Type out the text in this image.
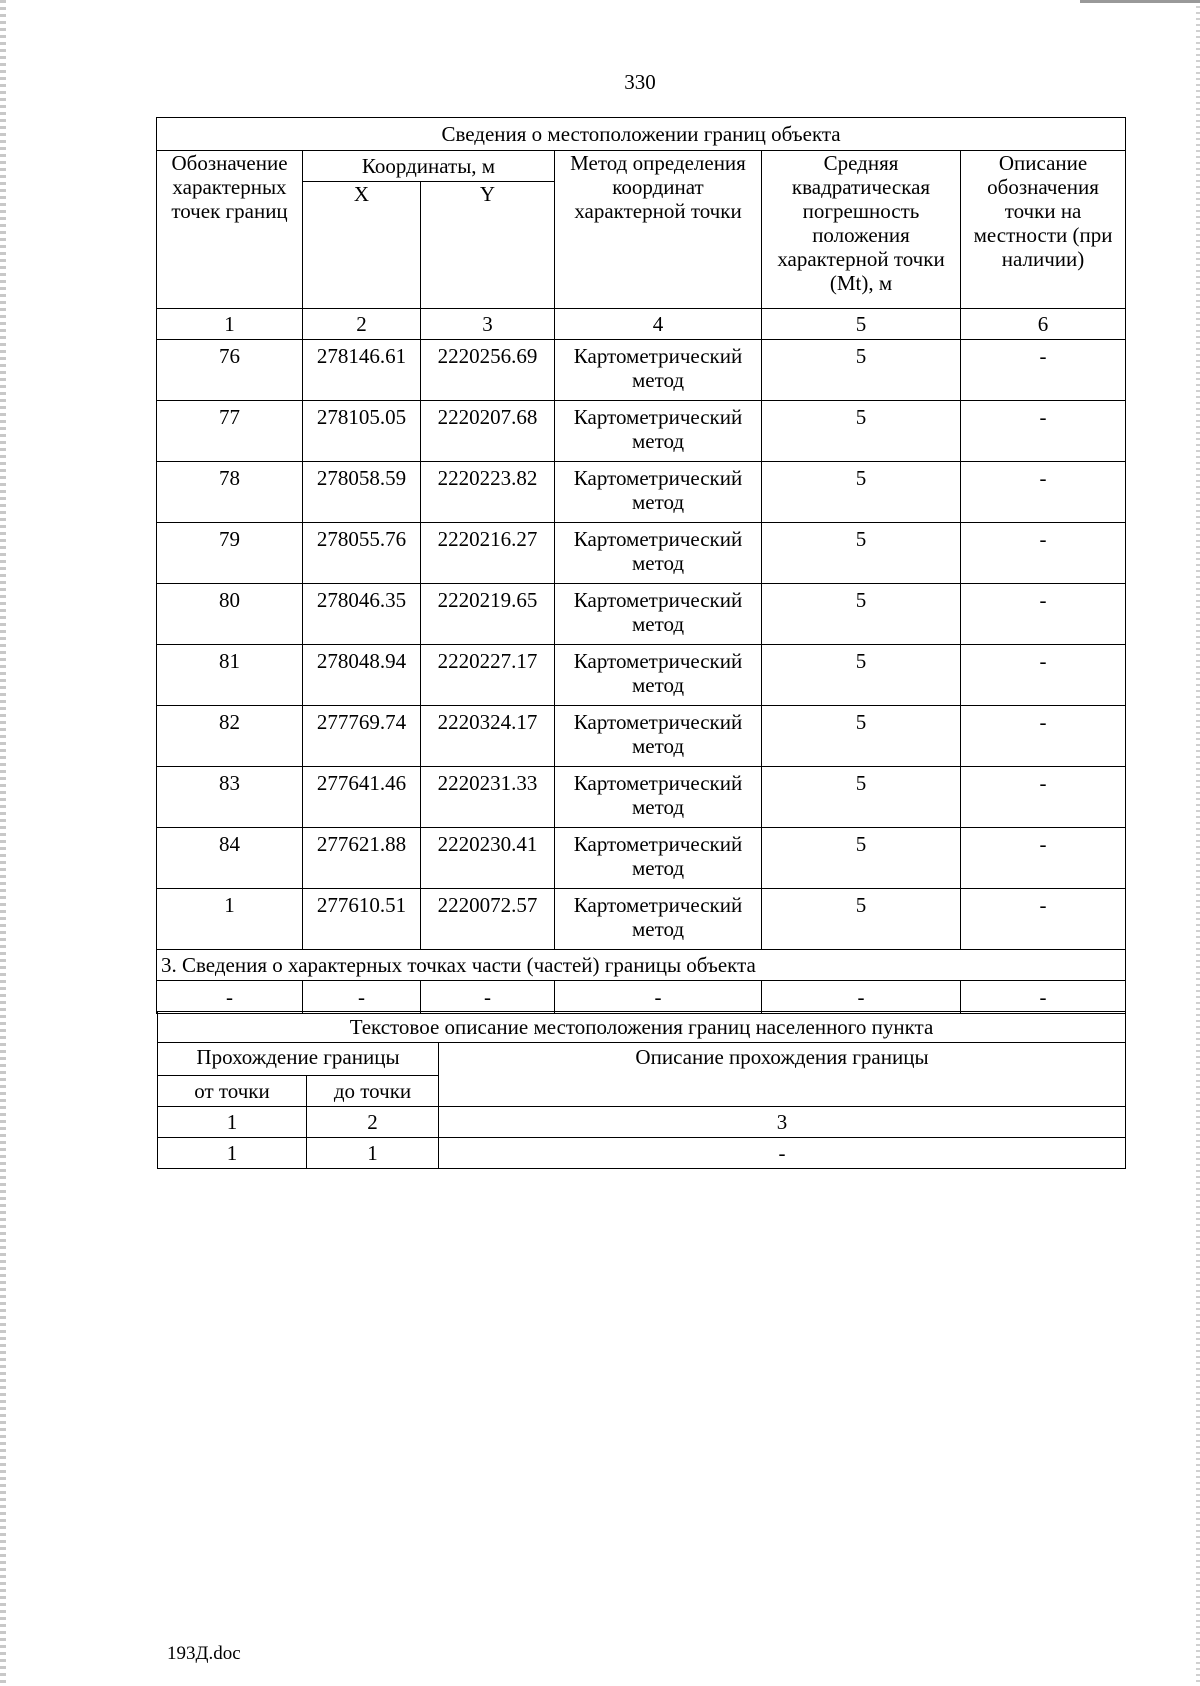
330
Сведения о местоположении границ объекта					
Обозначение характерных точек границ	Координаты, м		Метод определения координат характерной точки	Средняя квадратическая погрешность положения характерной точки (Mt), м	Описание обозначения точки на местности (при наличии)
	X	Y			
1	2	3	4	5	6
76	278146.61	2220256.69	Картометрический метод	5	-
77	278105.05	2220207.68	Картометрический метод	5	-
78	278058.59	2220223.82	Картометрический метод	5	-
79	278055.76	2220216.27	Картометрический метод	5	-
80	278046.35	2220219.65	Картометрический метод	5	-
81	278048.94	2220227.17	Картометрический метод	5	-
82	277769.74	2220324.17	Картометрический метод	5	-
83	277641.46	2220231.33	Картометрический метод	5	-
84	277621.88	2220230.41	Картометрический метод	5	-
1	277610.51	2220072.57	Картометрический метод	5	-
3. Сведения о характерных точках части (частей) границы объекта					
-	-	-	-	-	-
Текстовое описание местоположения границ населенного пункта		
Прохождение границы		Описание прохождения границы
от точки	до точки	
1	2	3
1	1	-
193Д.doc
